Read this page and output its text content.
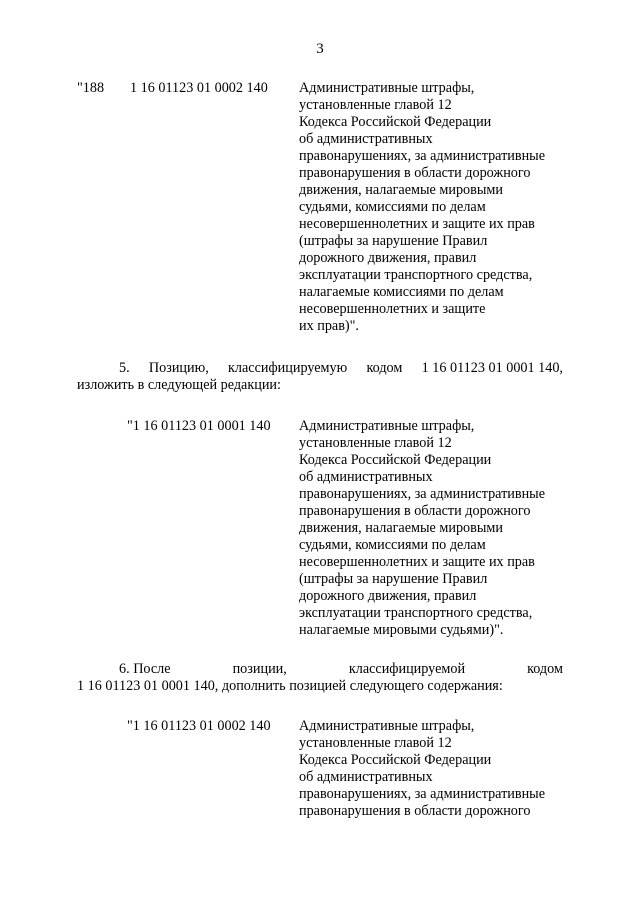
3
"188 1 16 01123 01 0002 140 Административные штрафы,
установленные главой 12
Кодекса Российской Федерации
об административных
правонарушениях, за административные
правонарушения в области дорожного
движения, налагаемые мировыми
судьями, комиссиями по делам
несовершеннолетних и защите их прав
(штрафы за нарушение Правил
дорожного движения, правил
эксплуатации транспортного средства,
налагаемые комиссиями по делам
несовершеннолетних и защите
их прав)".
5. Позицию, классифицируемую кодом 1 16 01123 01 0001 140,
изложить в следующей редакции:
"1 16 01123 01 0001 140 Административные штрафы,
установленные главой 12
Кодекса Российской Федерации
об административных
правонарушениях, за административные
правонарушения в области дорожного
движения, налагаемые мировыми
судьями, комиссиями по делам
несовершеннолетних и защите их прав
(штрафы за нарушение Правил
дорожного движения, правил
эксплуатации транспортного средства,
налагаемые мировыми судьями)".
6. После	позиции,	классифицируемой	кодом
1 16 01123 01 0001 140, дополнить позицией следующего содержания:
"1 16 01123 01 0002 140 Административные штрафы,
установленные главой 12
Кодекса Российской Федерации
об административных
правонарушениях, за административные
правонарушения в области дорожного
